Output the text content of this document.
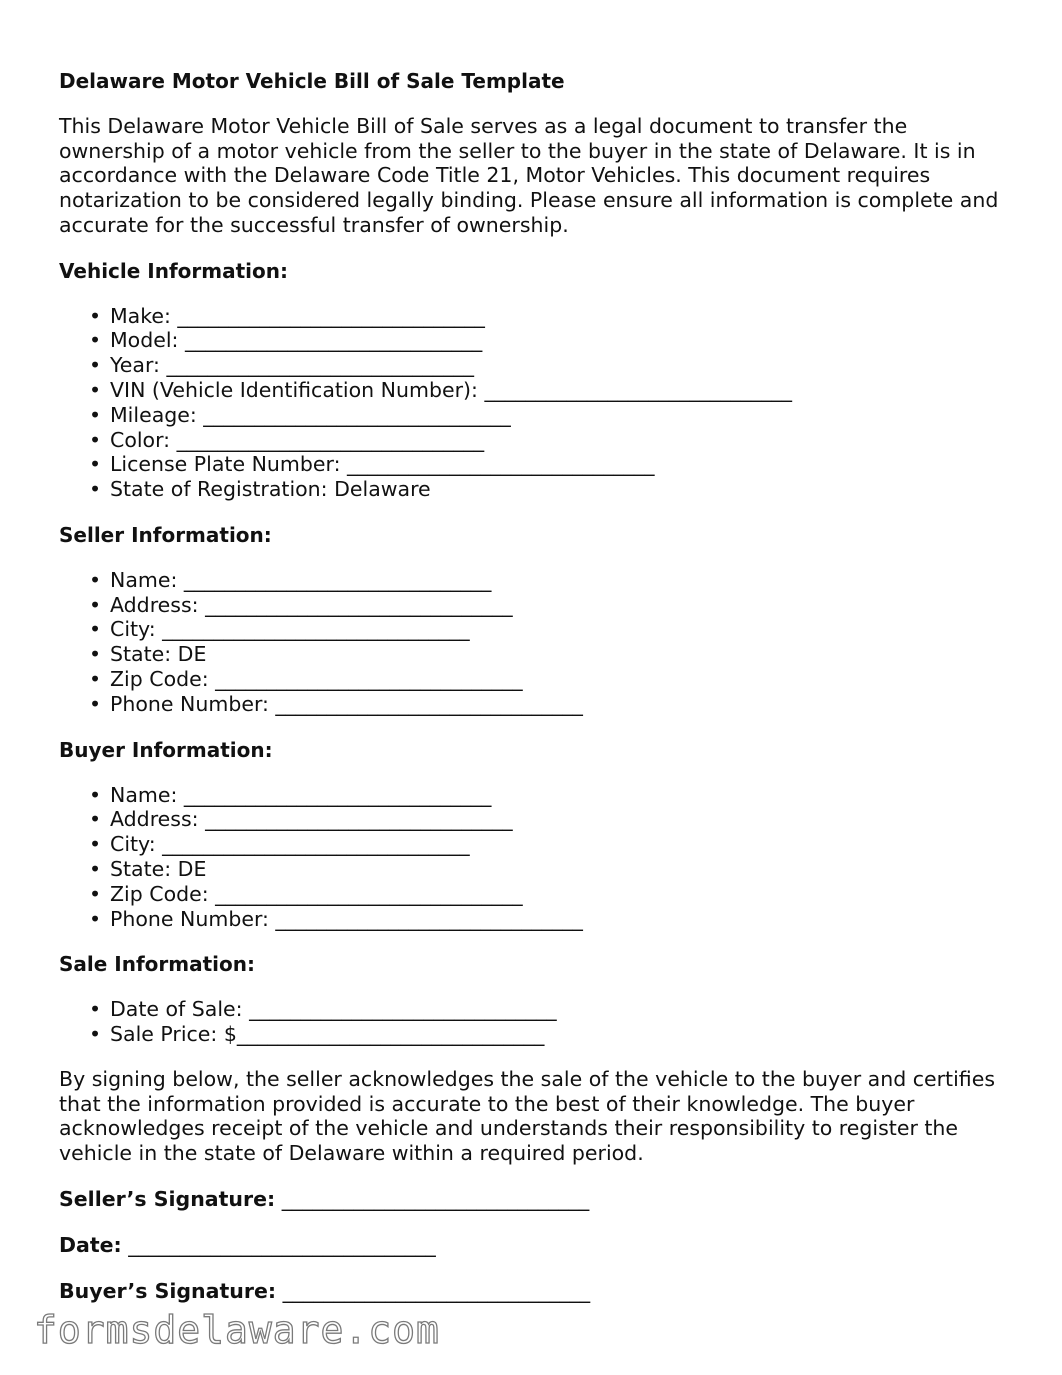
Delaware Motor Vehicle Bill of Sale Template
This Delaware Motor Vehicle Bill of Sale serves as a legal document to transfer the ownership of a motor vehicle from the seller to the buyer in the state of Delaware. It is in accordance with the Delaware Code Title 21, Motor Vehicles. This document requires notarization to be considered legally binding. Please ensure all information is complete and accurate for the successful transfer of ownership.
Vehicle Information:
• Make: ______________________________
• Model: _____________________________
• Year: ______________________________
• VIN (Vehicle Identification Number): ______________________________
• Mileage: ______________________________
• Color: ______________________________
• License Plate Number: ______________________________
• State of Registration: Delaware
Seller Information:
• Name: ______________________________
• Address: ______________________________
• City: ______________________________
• State: DE
• Zip Code: ______________________________
• Phone Number: ______________________________
Buyer Information:
• Name: ______________________________
• Address: ______________________________
• City: ______________________________
• State: DE
• Zip Code: ______________________________
• Phone Number: ______________________________
Sale Information:
• Date of Sale: ______________________________
• Sale Price: $______________________________
By signing below, the seller acknowledges the sale of the vehicle to the buyer and certifies that the information provided is accurate to the best of their knowledge. The buyer acknowledges receipt of the vehicle and understands their responsibility to register the vehicle in the state of Delaware within a required period.
Seller’s Signature: ______________________________
Date: ______________________________
Buyer’s Signature: ______________________________
formsdelaware.com
